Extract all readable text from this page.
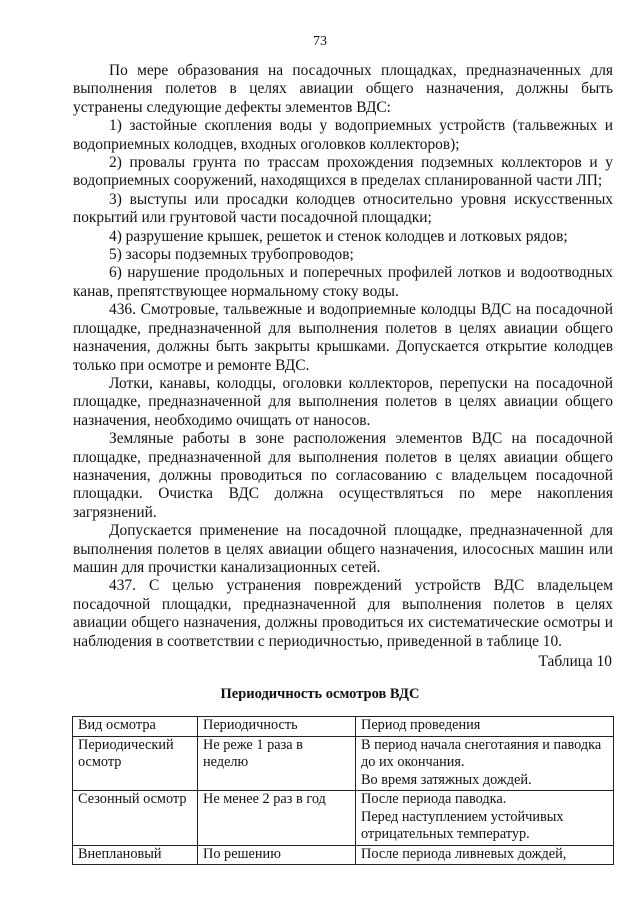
73

По мере образования на посадочных площадках, предназначенных для выполнения полетов в целях авиации общего назначения, должны быть устранены следующие дефекты элементов ВДС:

1) застойные скопления воды у водоприемных устройств (тальвежных и водоприемных колодцев, входных оголовков коллекторов);

2) провалы грунта по трассам прохождения подземных коллекторов и у водоприемных сооружений, находящихся в пределах спланированной части ЛП;

3) выступы или просадки колодцев относительно уровня искусственных покрытий или грунтовой части посадочной площадки;

4) разрушение крышек, решеток и стенок колодцев и лотковых рядов;

5) засоры подземных трубопроводов;

6) нарушение продольных и поперечных профилей лотков и водоотводных канав, препятствующее нормальному стоку воды.

436. Смотровые, тальвежные и водоприемные колодцы ВДС на посадочной площадке, предназначенной для выполнения полетов в целях авиации общего назначения, должны быть закрыты крышками. Допускается открытие колодцев только при осмотре и ремонте ВДС.

Лотки, канавы, колодцы, оголовки коллекторов, перепуски на посадочной площадке, предназначенной для выполнения полетов в целях авиации общего назначения, необходимо очищать от наносов.

Земляные работы в зоне расположения элементов ВДС на посадочной площадке, предназначенной для выполнения полетов в целях авиации общего назначения, должны проводиться по согласованию с владельцем посадочной площадки. Очистка ВДС должна осуществляться по мере накопления загрязнений.

Допускается применение на посадочной площадке, предназначенной для выполнения полетов в целях авиации общего назначения, илососных машин или машин для прочистки канализационных сетей.

437. С целью устранения повреждений устройств ВДС владельцем посадочной площадки, предназначенной для выполнения полетов в целях авиации общего назначения, должны проводиться их систематические осмотры и наблюдения в соответствии с периодичностью, приведенной в таблице 10.

Таблица 10
Периодичность осмотров ВДС
Вид осмотра	Периодичность	Период проведения
Периодический осмотр	Не реже 1 раза в неделю	В период начала снеготаяния и паводка до их окончания.
Во время затяжных дождей.

Сезонный осмотр	Не менее 2 раз в год	После периода паводка.
Перед наступлением устойчивых отрицательных температур.

Внеплановый	По решению	После периода ливневых дождей,
